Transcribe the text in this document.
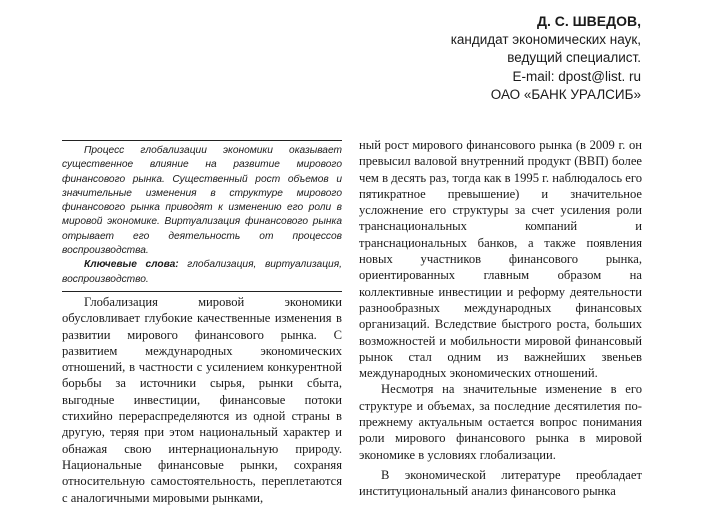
Д. С. ШВЕДОВ,
кандидат экономических наук,
ведущий специалист.
E-mail: dpost@list. ru
ОАО «БАНК УРАЛСИБ»

Процесс глобализации экономики оказывает существенное влияние на развитие мирового финансового рынка. Существенный рост объемов и значительные изменения в структуре мирового финансового рынка приводят к изменению его роли в мировой экономике. Виртуализация финансового рынка отрывает его деятельность от процессов воспроизводства.

Ключевые слова: глобализация, виртуализация, воспроизводство.

Глобализация мировой экономики обусловливает глубокие качественные изменения в развитии мирового финансового рынка. С развитием международных экономических отношений, в частности с усилением конкурентной борьбы за источники сырья, рынки сбыта, выгодные инвестиции, финансовые потоки стихийно перераспределяются из одной страны в другую, теряя при этом национальный характер и обнажая свою интернациональную природу. Национальные финансовые рынки, сохраняя относительную самостоятельность, переплетаются с аналогичными мировыми рынками,

ный рост мирового финансового рынка (в 2009 г. он превысил валовой внутренний продукт (ВВП) более чем в десять раз, тогда как в 1995 г. наблюдалось его пятикратное превышение) и значительное усложнение его структуры за счет усиления роли транснациональных компаний и транснациональных банков, а также появления новых участников финансового рынка, ориентированных главным образом на коллективные инвестиции и реформу деятельности разнообразных международных финансовых организаций. Вследствие быстрого роста, больших возможностей и мобильности мировой финансовый рынок стал одним из важнейших звеньев международных экономических отношений.

Несмотря на значительные изменение в его структуре и объемах, за последние десятилетия по-прежнему актуальным остается вопрос понимания роли мирового финансового рынка в мировой экономике в условиях глобализации.

В экономической литературе преобладает институциональный анализ финансового рынка
